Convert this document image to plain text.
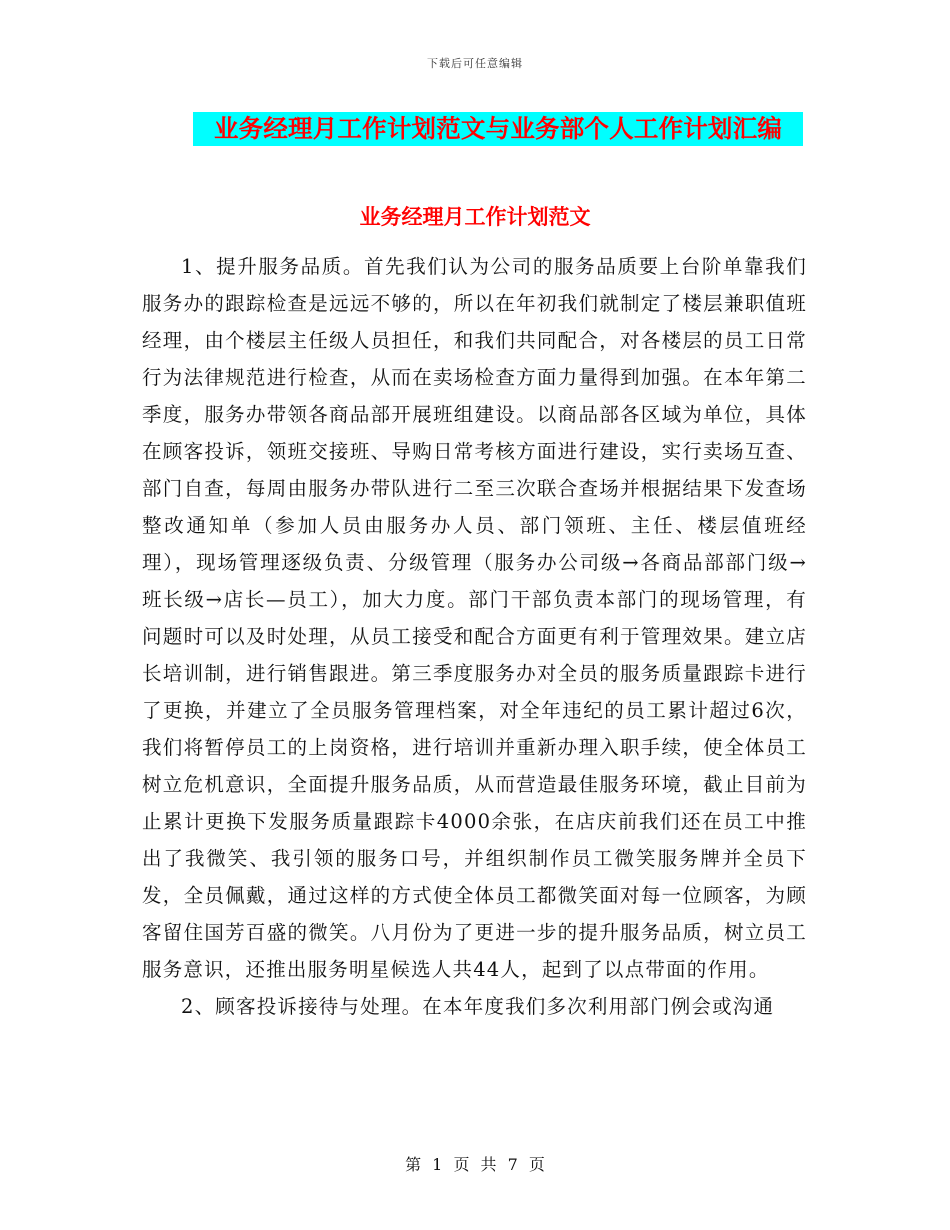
下载后可任意编辑
业务经理月工作计划范文与业务部个人工作计划汇编
业务经理月工作计划范文

1、提升服务品质。首先我们认为公司的服务品质要上台阶单靠我们服务办的跟踪检查是远远不够的，所以在年初我们就制定了楼层兼职值班经理，由个楼层主任级人员担任，和我们共同配合，对各楼层的员工日常行为法律规范进行检查，从而在卖场检查方面力量得到加强。在本年第二季度，服务办带领各商品部开展班组建设。以商品部各区域为单位，具体在顾客投诉，领班交接班、导购日常考核方面进行建设，实行卖场互查、部门自查，每周由服务办带队进行二至三次联合查场并根据结果下发查场整改通知单（参加人员由服务办人员、部门领班、主任、楼层值班经理），现场管理逐级负责、分级管理（服务办公司级→各商品部部门级→班长级→店长—员工），加大力度。部门干部负责本部门的现场管理，有问题时可以及时处理，从员工接受和配合方面更有利于管理效果。建立店长培训制，进行销售跟进。第三季度服务办对全员的服务质量跟踪卡进行了更换，并建立了全员服务管理档案，对全年违纪的员工累计超过6次，我们将暂停员工的上岗资格，进行培训并重新办理入职手续，使全体员工树立危机意识，全面提升服务品质，从而营造最佳服务环境，截止目前为止累计更换下发服务质量跟踪卡4000余张，在店庆前我们还在员工中推出了我微笑、我引领的服务口号，并组织制作员工微笑服务牌并全员下发，全员佩戴，通过这样的方式使全体员工都微笑面对每一位顾客，为顾客留住国芳百盛的微笑。八月份为了更进一步的提升服务品质，树立员工服务意识，还推出服务明星候选人共44人，起到了以点带面的作用。

2、顾客投诉接待与处理。在本年度我们多次利用部门例会或沟通

第 1 页 共 7 页
